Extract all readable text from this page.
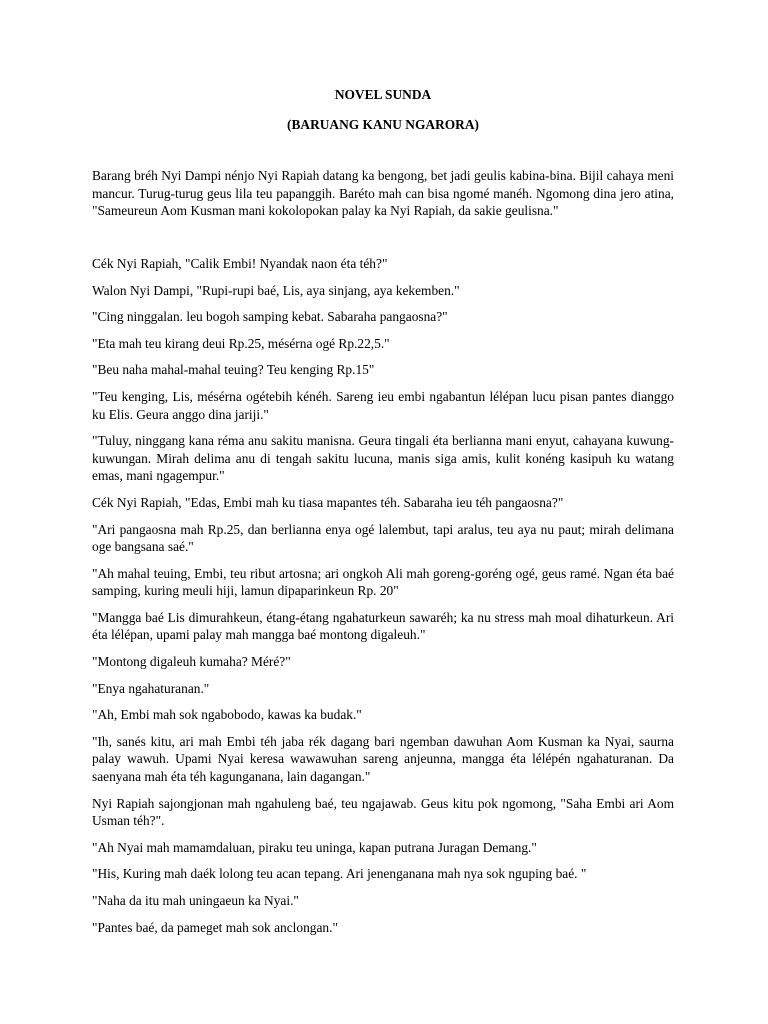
NOVEL SUNDA
(BARUANG KANU NGARORA)

Barang bréh Nyi Dampi nénjo Nyi Rapiah datang ka bengong, bet jadi geulis kabina-bina. Bijil cahaya meni mancur. Turug-turug geus lila teu papanggih. Baréto mah can bisa ngomé manéh. Ngomong dina jero atina, "Sameureun Aom Kusman mani kokolopokan palay ka Nyi Rapiah, da sakie geulisna."

Cék Nyi Rapiah, "Calik Embi! Nyandak naon éta téh?"

Walon Nyi Dampi, "Rupi-rupi baé, Lis, aya sinjang, aya kekemben."

"Cing ninggalan. leu bogoh samping kebat. Sabaraha pangaosna?"

"Eta mah teu kirang deui Rp.25, mésérna ogé Rp.22,5."

"Beu naha mahal-mahal teuing? Teu kenging Rp.15"

"Teu kenging, Lis, mésérna ogétebih kénéh. Sareng ieu embi ngabantun lélépan lucu pisan pantes dianggo ku Elis. Geura anggo dina jariji."

"Tuluy, ninggang kana réma anu sakitu manisna. Geura tingali éta berlianna mani enyut, cahayana kuwung-kuwungan. Mirah delima anu di tengah sakitu lucuna, manis siga amis, kulit konéng kasipuh ku watang emas, mani ngagempur."

Cék Nyi Rapiah, "Edas, Embi mah ku tiasa mapantes téh. Sabaraha ieu téh pangaosna?"

"Ari pangaosna mah Rp.25, dan berlianna enya ogé lalembut, tapi aralus, teu aya nu paut; mirah delimana oge bangsana saé."

"Ah mahal teuing, Embi, teu ribut artosna; ari ongkoh Ali mah goreng-goréng ogé, geus ramé. Ngan éta baé samping, kuring meuli hiji, lamun dipaparinkeun Rp. 20"

"Mangga baé Lis dimurahkeun, étang-étang ngahaturkeun sawaréh; ka nu stress mah moal dihaturkeun. Ari éta lélépan, upami palay mah mangga baé montong digaleuh."

"Montong digaleuh kumaha? Méré?"

"Enya ngahaturanan."

"Ah, Embi mah sok ngabobodo, kawas ka budak."

"Ih, sanés kitu, ari mah Embi téh jaba rék dagang bari ngemban dawuhan Aom Kusman ka Nyai, saurna palay wawuh. Upami Nyai keresa wawawuhan sareng anjeunna, mangga éta lélépén ngahaturanan. Da saenyana mah éta téh kagunganana, lain dagangan."

Nyi Rapiah sajongjonan mah ngahuleng baé, teu ngajawab. Geus kitu pok ngomong, "Saha Embi ari Aom Usman téh?".

"Ah Nyai mah mamamdaluan, piraku teu uninga, kapan putrana Juragan Demang."

"His, Kuring mah daék lolong teu acan tepang. Ari jenenganana mah nya sok nguping baé. "

"Naha da itu mah uningaeun ka Nyai."

"Pantes baé, da pameget mah sok anclongan."
